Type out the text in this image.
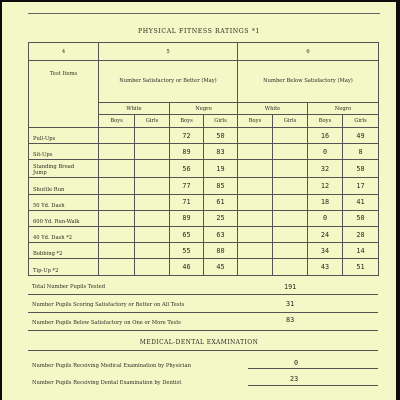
PHYSICAL FITNESS RATINGS *1
4	5				6			
Test Items	Number Satisfactory or Better (May)				Number Below Satisfactory (May)			
	White		Negro		White		Negro	
	Boys	Girls	Boys	Girls	Boys	Girls	Boys	Girls
Pull-Ups			72	50			16	49
Sit-Ups			89	83			0	8
Standing Broad Jump			56	19			32	58
Shuttle Run			77	85			12	17
50 Yd. Dash			71	61			18	41
600 Yd. Run-Walk			89	25			0	50
40 Yd. Dash *2			65	63			24	28
Bobbing *2			55	80			34	14
Tip-Up *2			46	45			43	51
Total Number Pupils Tested	191
Number Pupils Scoring Satisfactory or Better on All Tests	31
Number Pupils Below Satisfactory on One or More Tests	83
MEDICAL-DENTAL EXAMINATION
Number Pupils Receiving Medical Examination by Physician	0
Number Pupils Receiving Dental Examination by Dentist	23
